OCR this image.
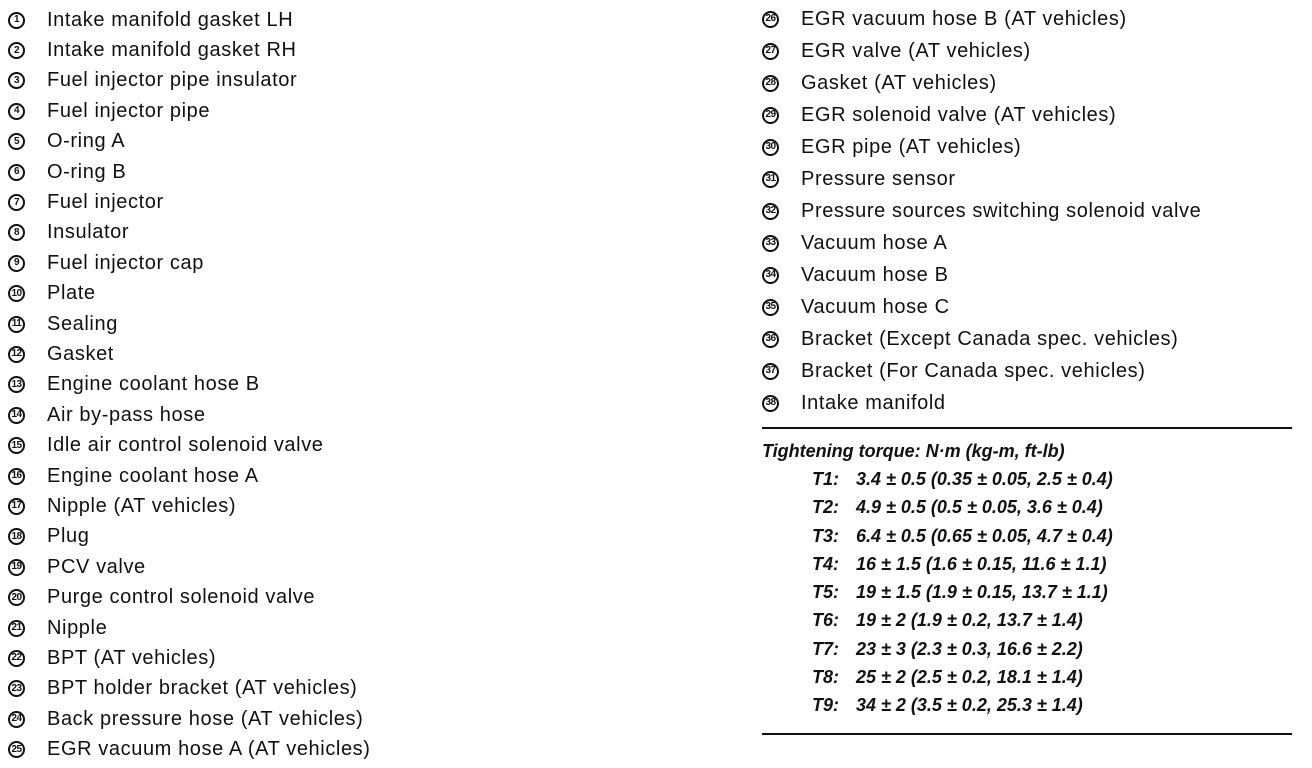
1 Intake manifold gasket LH
2 Intake manifold gasket RH
3 Fuel injector pipe insulator
4 Fuel injector pipe
5 O-ring A
6 O-ring B
7 Fuel injector
8 Insulator
9 Fuel injector cap
10 Plate
11 Sealing
12 Gasket
13 Engine coolant hose B
14 Air by-pass hose
15 Idle air control solenoid valve
16 Engine coolant hose A
17 Nipple (AT vehicles)
18 Plug
19 PCV valve
20 Purge control solenoid valve
21 Nipple
22 BPT (AT vehicles)
23 BPT holder bracket (AT vehicles)
24 Back pressure hose (AT vehicles)
25 EGR vacuum hose A (AT vehicles)
26 EGR vacuum hose B (AT vehicles)
27 EGR valve (AT vehicles)
28 Gasket (AT vehicles)
29 EGR solenoid valve (AT vehicles)
30 EGR pipe (AT vehicles)
31 Pressure sensor
32 Pressure sources switching solenoid valve
33 Vacuum hose A
34 Vacuum hose B
35 Vacuum hose C
36 Bracket (Except Canada spec. vehicles)
37 Bracket (For Canada spec. vehicles)
38 Intake manifold
Tightening torque: N·m (kg-m, ft-lb)
T1: 3.4 ± 0.5 (0.35 ± 0.05, 2.5 ± 0.4)
T2: 4.9 ± 0.5 (0.5 ± 0.05, 3.6 ± 0.4)
T3: 6.4 ± 0.5 (0.65 ± 0.05, 4.7 ± 0.4)
T4: 16 ± 1.5 (1.6 ± 0.15, 11.6 ± 1.1)
T5: 19 ± 1.5 (1.9 ± 0.15, 13.7 ± 1.1)
T6: 19 ± 2 (1.9 ± 0.2, 13.7 ± 1.4)
T7: 23 ± 3 (2.3 ± 0.3, 16.6 ± 2.2)
T8: 25 ± 2 (2.5 ± 0.2, 18.1 ± 1.4)
T9: 34 ± 2 (3.5 ± 0.2, 25.3 ± 1.4)
